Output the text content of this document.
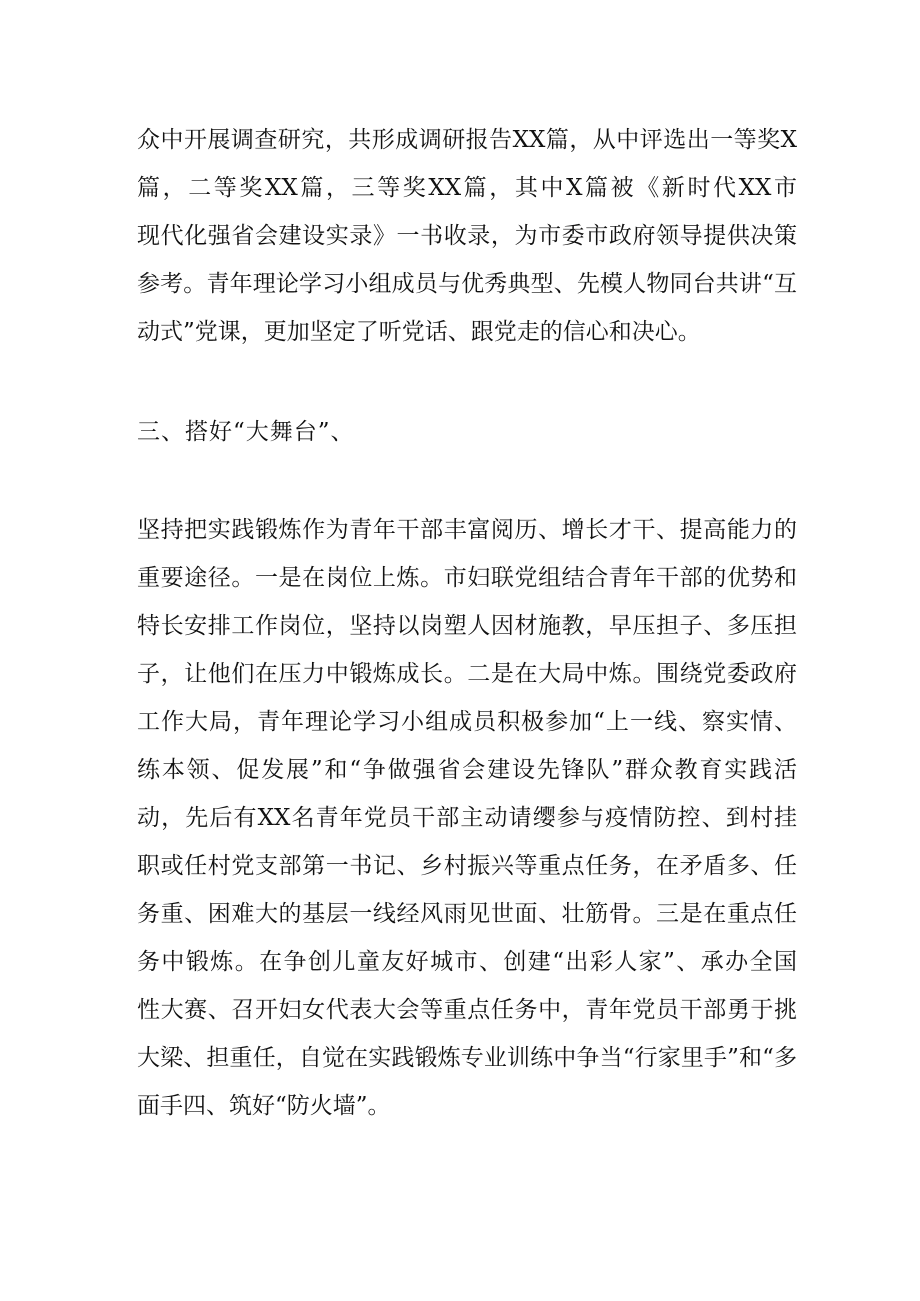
众中开展调查研究，共形成调研报告XX篇，从中评选出一等奖X
篇，二等奖XX篇，三等奖XX篇，其中X篇被《新时代XX市
现代化强省会建设实录》一书收录，为市委市政府领导提供决策
参考。青年理论学习小组成员与优秀典型、先模人物同台共讲“互
动式”党课，更加坚定了听党话、跟党走的信心和决心。
三、搭好“大舞台”、
坚持把实践锻炼作为青年干部丰富阅历、增长才干、提高能力的
重要途径。一是在岗位上炼。市妇联党组结合青年干部的优势和
特长安排工作岗位，坚持以岗塑人因材施教，早压担子、多压担
子，让他们在压力中锻炼成长。二是在大局中炼。围绕党委政府
工作大局，青年理论学习小组成员积极参加“上一线、察实情、
练本领、促发展”和“争做强省会建设先锋队”群众教育实践活
动，先后有XX名青年党员干部主动请缨参与疫情防控、到村挂
职或任村党支部第一书记、乡村振兴等重点任务，在矛盾多、任
务重、困难大的基层一线经风雨见世面、壮筋骨。三是在重点任
务中锻炼。在争创儿童友好城市、创建“出彩人家”、承办全国
性大赛、召开妇女代表大会等重点任务中，青年党员干部勇于挑
大梁、担重任，自觉在实践锻炼专业训练中争当“行家里手”和“多
面手四、筑好“防火墙”。
